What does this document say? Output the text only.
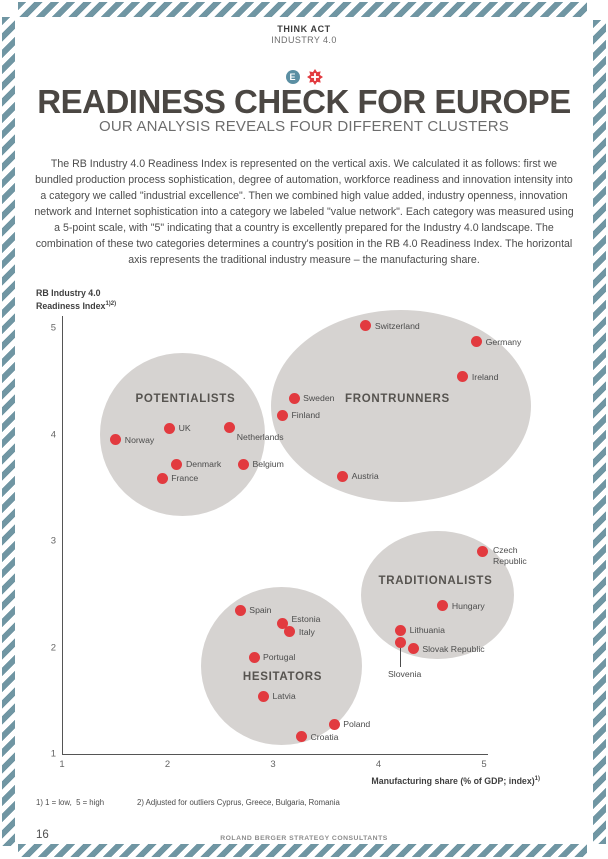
THINK ACT
INDUSTRY 4.0
E
READINESS CHECK FOR EUROPE
OUR ANALYSIS REVEALS FOUR DIFFERENT CLUSTERS
The RB Industry 4.0 Readiness Index is represented on the vertical axis. We calculated it as follows: first we bundled production process sophistication, degree of automation, workforce readiness and innovation intensity into a category we called "industrial excellence". Then we combined high value added, industry openness, innovation network and Internet sophistication into a category we labeled "value network". Each category was measured using a 5-point scale, with "5" indicating that a country is excellently prepared for the Industry 4.0 landscape. The combination of these two categories determines a country's position in the RB 4.0 Readiness Index. The horizontal axis represents the traditional industry measure – the manufacturing share.
RB Industry 4.0
Readiness Index$^{1)2)}$
Manufacturing share (% of GDP; index)$^{1)}$
POTENTIALISTS	FRONTRUNNERS
TRADITIONALISTS
HESITATORS
1	2	3	4	5
1
2
3
4
5	Switzerland
Germany
Ireland
Sweden
Finland
Netherlands
UK
Norway
Denmark	Belgium
France	Austria
Czech Republic
Hungary
Lithuania
Slovenia
Slovak Republic
Spain
Estonia
Italy
Portugal
Latvia
Poland
Croatia
1) 1 = low,  5 = high	2) Adjusted for outliers Cyprus, Greece, Bulgaria, Romania
16	ROLAND BERGER STRATEGY CONSULTANTS
